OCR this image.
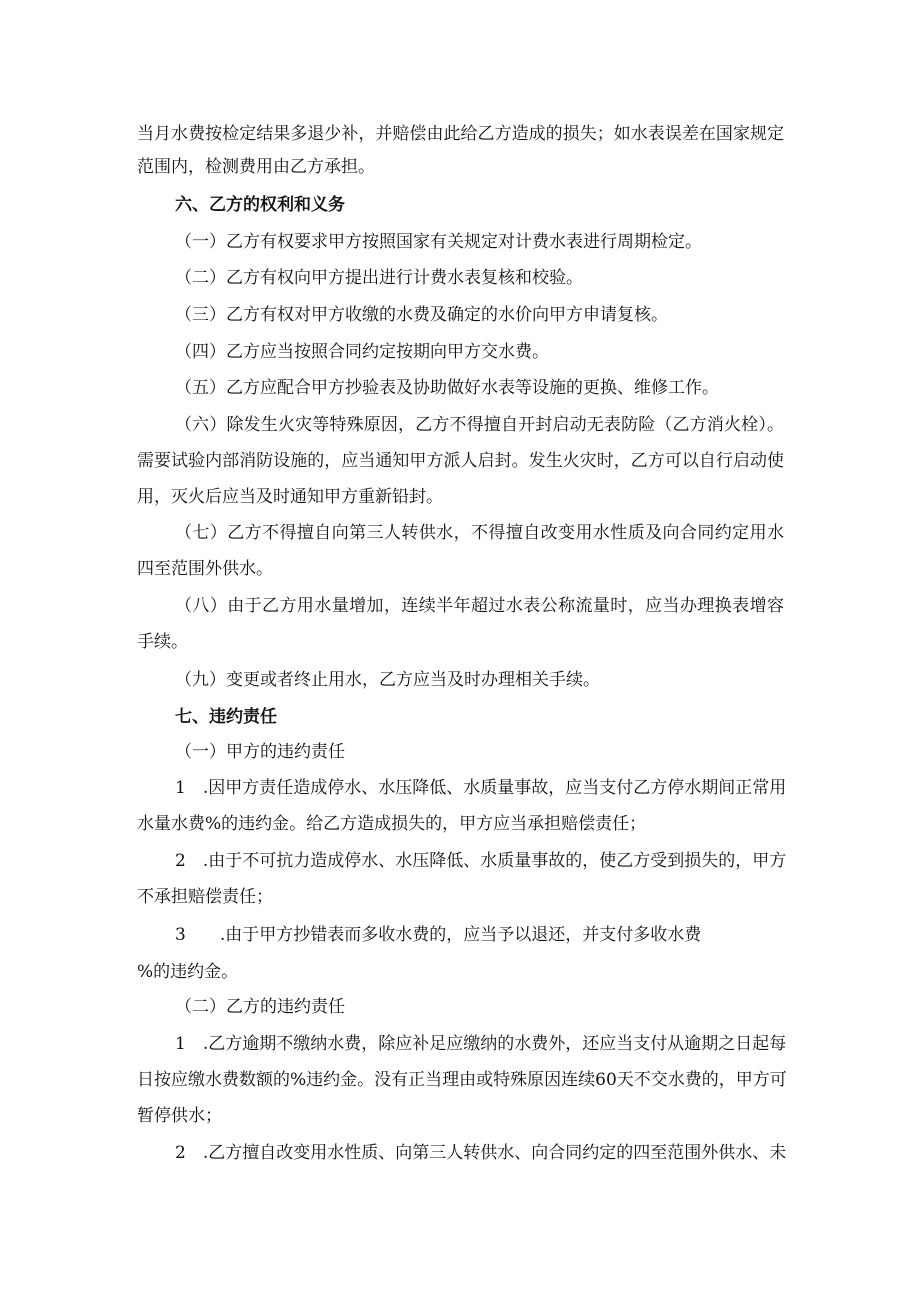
当月水费按检定结果多退少补，并赔偿由此给乙方造成的损失；如水表误差在国家规定
范围内，检测费用由乙方承担。
六、乙方的权利和义务
（一）乙方有权要求甲方按照国家有关规定对计费水表进行周期检定。
（二）乙方有权向甲方提出进行计费水表复核和校验。
（三）乙方有权对甲方收缴的水费及确定的水价向甲方申请复核。
（四）乙方应当按照合同约定按期向甲方交水费。
（五）乙方应配合甲方抄验表及协助做好水表等设施的更换、维修工作。
（六）除发生火灾等特殊原因，乙方不得擅自开封启动无表防险（乙方消火栓）。
需要试验内部消防设施的，应当通知甲方派人启封。发生火灾时，乙方可以自行启动使
用，灭火后应当及时通知甲方重新铅封。
（七）乙方不得擅自向第三人转供水，不得擅自改变用水性质及向合同约定用水
四至范围外供水。
（八）由于乙方用水量增加，连续半年超过水表公称流量时，应当办理换表增容
手续。
（九）变更或者终止用水，乙方应当及时办理相关手续。
七、违约责任
（一）甲方的违约责任
1　.因甲方责任造成停水、水压降低、水质量事故，应当支付乙方停水期间正常用
水量水费%的违约金。给乙方造成损失的，甲方应当承担赔偿责任；
2　.由于不可抗力造成停水、水压降低、水质量事故的，使乙方受到损失的，甲方
不承担赔偿责任；
3　　.由于甲方抄错表而多收水费的，应当予以退还，并支付多收水费
%的违约金。
（二）乙方的违约责任
1　.乙方逾期不缴纳水费，除应补足应缴纳的水费外，还应当支付从逾期之日起每
日按应缴水费数额的%违约金。没有正当理由或特殊原因连续60天不交水费的，甲方可
暂停供水；
2　.乙方擅自改变用水性质、向第三人转供水、向合同约定的四至范围外供水、未
